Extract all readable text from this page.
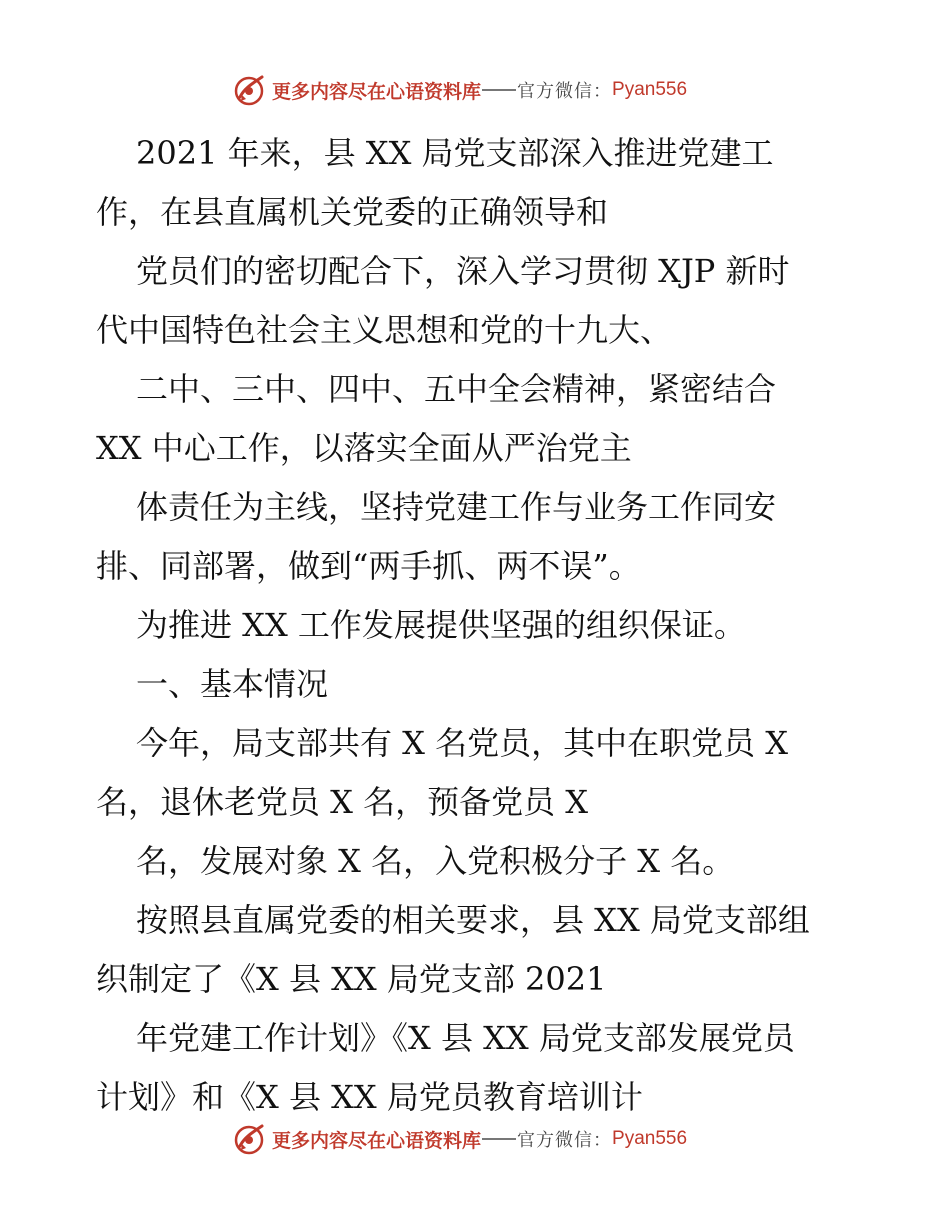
更多内容尽在心语资料库 官方微信： Pyan556
2021 年来，县 XX 局党支部深入推进党建工
作，在县直属机关党委的正确领导和
党员们的密切配合下，深入学习贯彻 XJP 新时
代中国特色社会主义思想和党的十九大、
二中、三中、四中、五中全会精神，紧密结合
XX 中心工作，以落实全面从严治党主
体责任为主线，坚持党建工作与业务工作同安
排、同部署，做到“两手抓、两不误”。
为推进 XX 工作发展提供坚强的组织保证。
一、基本情况
今年，局支部共有 X 名党员，其中在职党员 X
名，退休老党员 X 名，预备党员 X
名，发展对象 X 名，入党积极分子 X 名。
按照县直属党委的相关要求，县 XX 局党支部组
织制定了《X 县 XX 局党支部 2021
年党建工作计划》《X 县 XX 局党支部发展党员
计划》和《X 县 XX 局党员教育培训计
更多内容尽在心语资料库 官方微信： Pyan556
